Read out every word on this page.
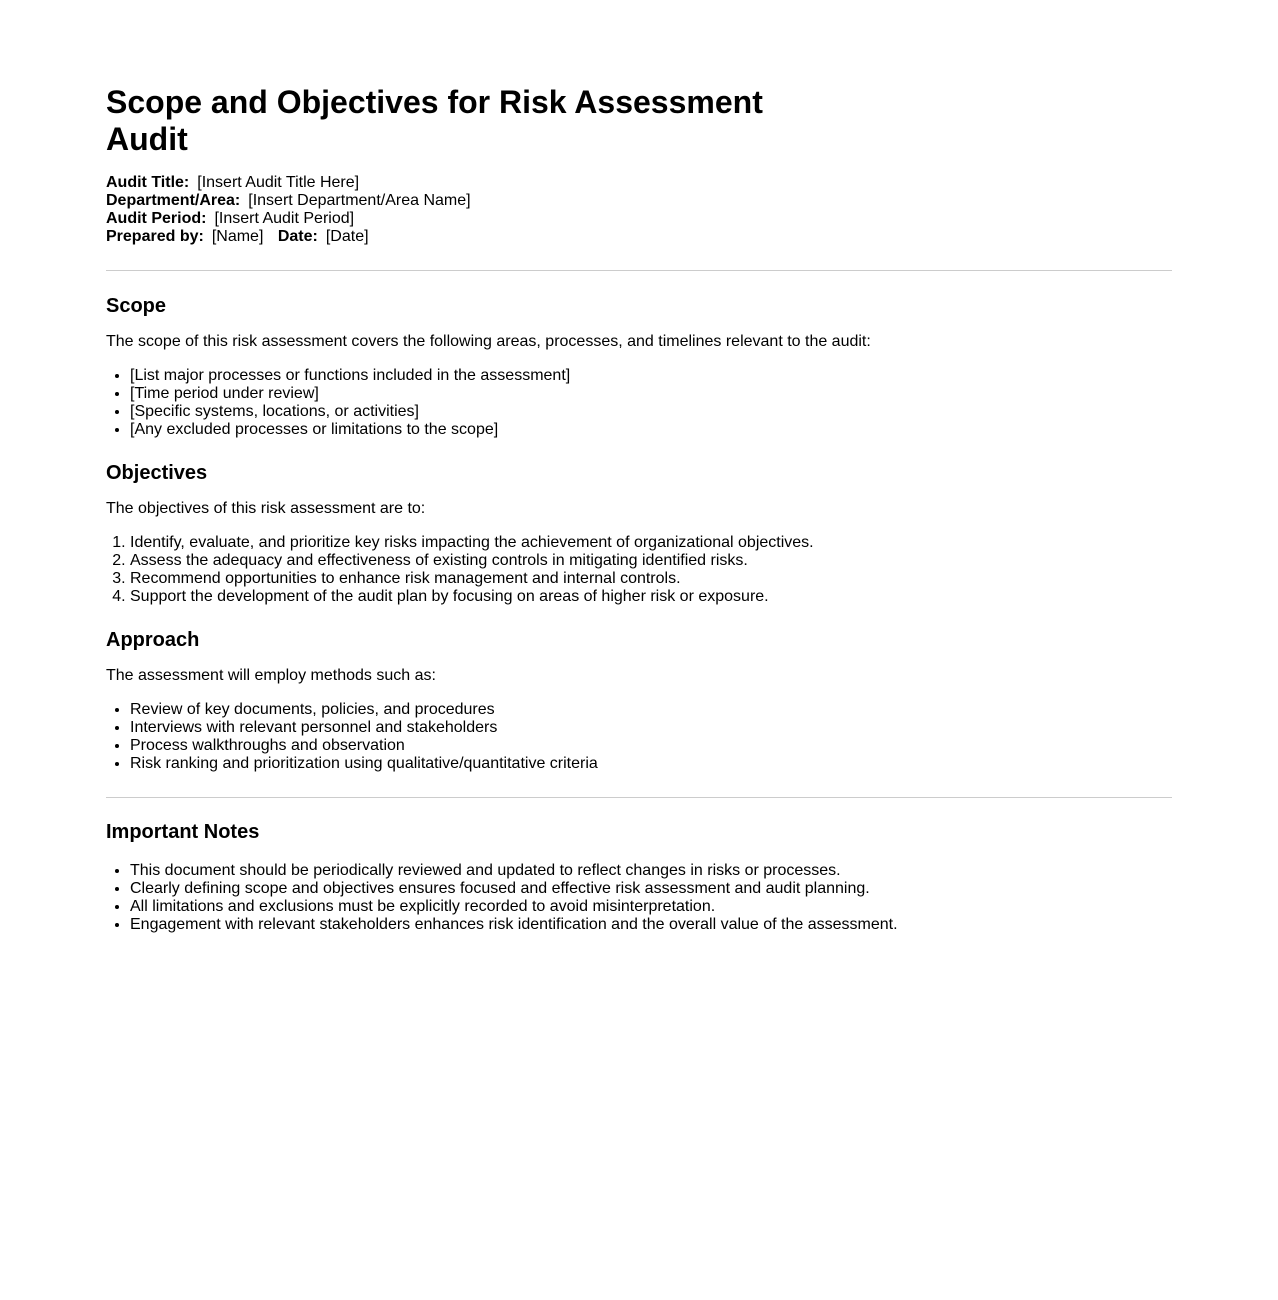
Scope and Objectives for Risk Assessment Audit
Audit Title: [Insert Audit Title Here]
Department/Area: [Insert Department/Area Name]
Audit Period: [Insert Audit Period]
Prepared by: [Name] Date: [Date]
Scope

The scope of this risk assessment covers the following areas, processes, and timelines relevant to the audit:

• [List major processes or functions included in the assessment]
• [Time period under review]
• [Specific systems, locations, or activities]
• [Any excluded processes or limitations to the scope]
Objectives

The objectives of this risk assessment are to:

1. Identify, evaluate, and prioritize key risks impacting the achievement of organizational objectives.
2. Assess the adequacy and effectiveness of existing controls in mitigating identified risks.
3. Recommend opportunities to enhance risk management and internal controls.
4. Support the development of the audit plan by focusing on areas of higher risk or exposure.
Approach

The assessment will employ methods such as:

• Review of key documents, policies, and procedures
• Interviews with relevant personnel and stakeholders
• Process walkthroughs and observation
• Risk ranking and prioritization using qualitative/quantitative criteria
Important Notes
• This document should be periodically reviewed and updated to reflect changes in risks or processes.
• Clearly defining scope and objectives ensures focused and effective risk assessment and audit planning.
• All limitations and exclusions must be explicitly recorded to avoid misinterpretation.
• Engagement with relevant stakeholders enhances risk identification and the overall value of the assessment.
